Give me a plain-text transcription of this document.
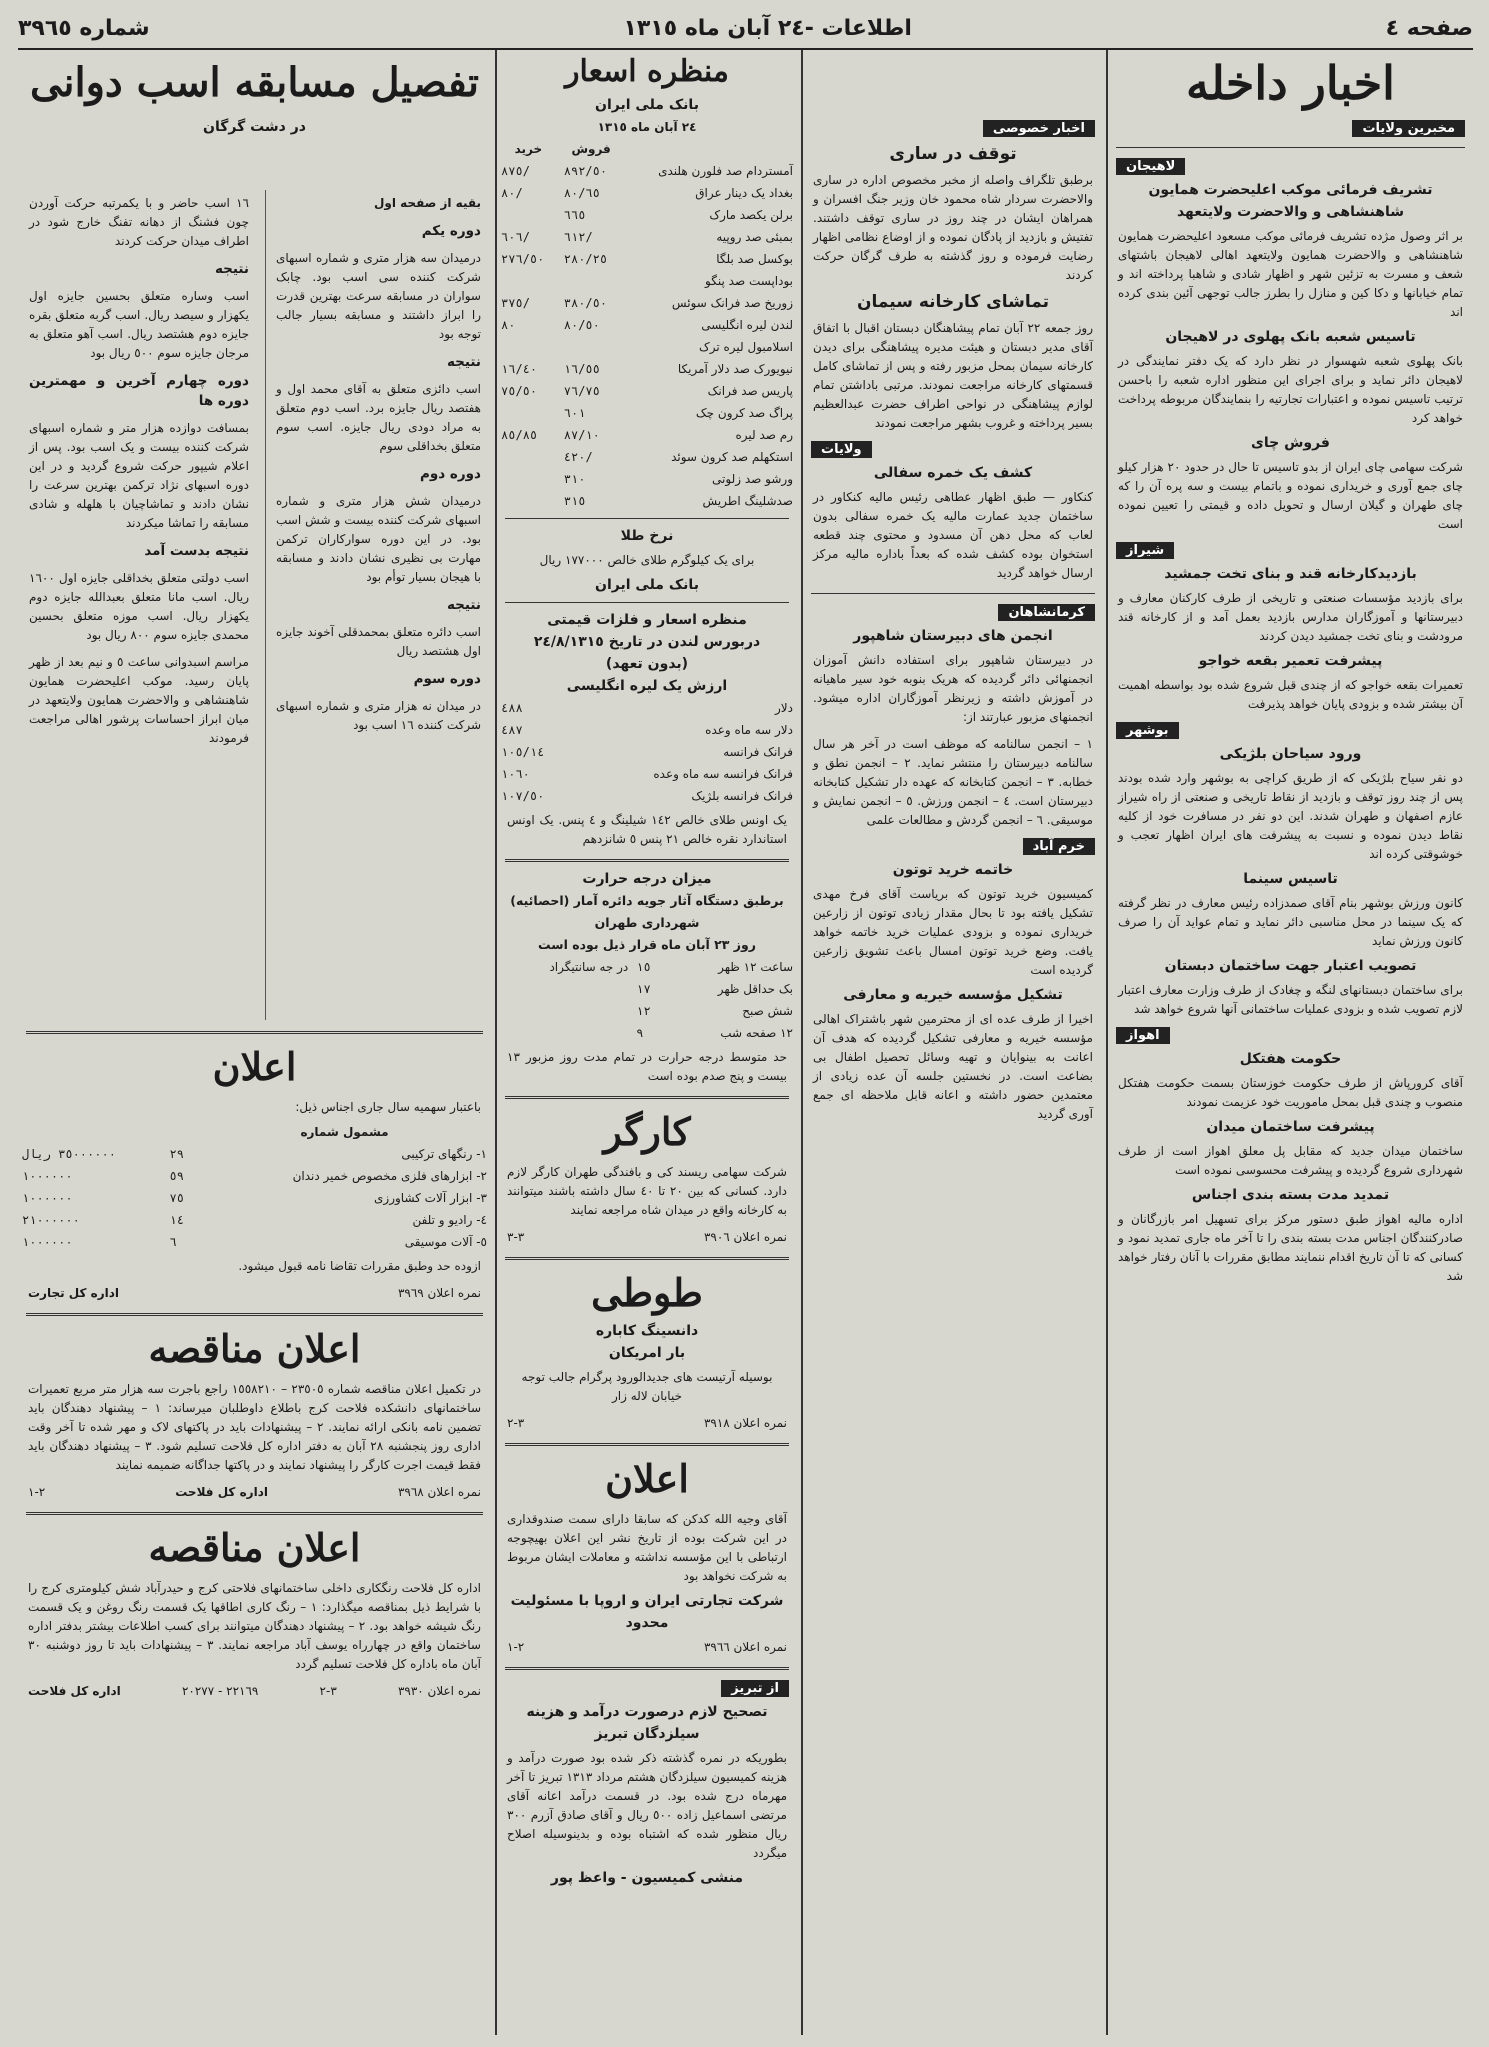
صفحه ٤
اطلاعات -٢٤ آبان ماه ١٣١٥
شماره ٣٩٦٥
اخبار داخله
مخبرین ولایات
لاهیجان
تشریف فرمائی موکب اعلیحضرت همایون شاهنشاهی و والاحضرت ولایتعهد
بر اثر وصول مژده تشریف فرمائی موکب مسعود اعلیحضرت همایون شاهنشاهی و والاحضرت همایون ولایتعهد اهالی لاهیجان باشتهای شعف و مسرت به تزئین شهر و اظهار شادی و شاهبا پرداخته اند و تمام خیابانها و دکا کین و منازل را بطرز جالب توجهی آئین بندی کرده اند
تاسیس شعبه بانک پهلوی در لاهیجان
بانک پهلوی شعبه شهسوار در نظر دارد که یک دفتر نمایندگی در لاهیجان دائر نماید و برای اجرای این منظور اداره شعبه را باحسن ترتیب تاسیس نموده و اعتبارات تجارتیه را بنمایندگان مربوطه پرداخت خواهد کرد
فروش چای
شرکت سهامی چای ایران از بدو تاسیس تا حال در حدود ٢٠ هزار کیلو چای جمع آوری و خریداری نموده و باتمام بیست و سه پره آن را که چای طهران و گیلان ارسال و تحویل داده و قیمتی را تعیین نموده است
شیراز
بازدیدکارخانه قند و بنای تخت جمشید
برای بازدید مؤسسات صنعتی و تاریخی از طرف کارکنان معارف و دبیرستانها و آموزگاران مدارس بازدید بعمل آمد و از کارخانه قند مرودشت و بنای تخت جمشید دیدن کردند
پیشرفت تعمیر بقعه خواجو
تعمیرات بقعه خواجو که از چندی قبل شروع شده بود بواسطه اهمیت آن بیشتر شده و بزودی پایان خواهد پذیرفت
بوشهر
ورود سیاحان بلژیکی
دو نفر سیاح بلژیکی که از طریق کراچی به بوشهر وارد شده بودند پس از چند روز توقف و بازدید از نقاط تاریخی و صنعتی از راه شیراز عازم اصفهان و طهران شدند. این دو نفر در مسافرت خود از کلیه نقاط دیدن نموده و نسبت به پیشرفت های ایران اظهار تعجب و خوشوقتی کرده اند
تاسیس سینما
کانون ورزش بوشهر بنام آقای صمدزاده رئیس معارف در نظر گرفته که یک سینما در محل مناسبی دائر نماید و تمام عواید آن را صرف کانون ورزش نماید
تصویب اعتبار جهت ساختمان دبستان
برای ساختمان دبستانهای لنگه و چغادک از طرف وزارت معارف اعتبار لازم تصویب شده و بزودی عملیات ساختمانی آنها شروع خواهد شد
اهواز
حکومت هفتکل
آقای کرورپاش از طرف حکومت خوزستان بسمت حکومت هفتکل منصوب و چندی قبل بمحل ماموریت خود عزیمت نمودند
پیشرفت ساختمان میدان
ساختمان میدان جدید که مقابل پل معلق اهواز است از طرف شهرداری شروع گردیده و پیشرفت محسوسی نموده است
تمدید مدت بسته بندی اجناس
اداره مالیه اهواز طبق دستور مرکز برای تسهیل امر بازرگانان و صادرکنندگان اجناس مدت بسته بندی را تا آخر ماه جاری تمدید نمود و کسانی که تا آن تاریخ اقدام ننمایند مطابق مقررات با آنان رفتار خواهد شد
اخبار خصوصی
توقف در ساری
برطبق تلگراف واصله از مخبر مخصوص اداره در ساری والاحضرت سردار شاه محمود خان وزیر جنگ افسران و همراهان ایشان در چند روز در ساری توقف داشتند. تفتیش و بازدید از پادگان نموده و از اوضاع نظامی اظهار رضایت فرموده و روز گذشته به طرف گرگان حرکت کردند
تماشای کارخانه سیمان
روز جمعه ٢٢ آبان تمام پیشاهنگان دبستان اقبال با اتفاق آقای مدیر دبستان و هیئت مدیره پیشاهنگی برای دیدن کارخانه سیمان بمحل مزبور رفته و پس از تماشای کامل قسمتهای کارخانه مراجعت نمودند. مرتبی باداشتن تمام لوازم پیشاهنگی در نواحی اطراف حضرت عبدالعظیم بسیر پرداخته و غروب بشهر مراجعت نمودند
ولایات
کشف یک خمره سفالی
کنکاور — طبق اظهار عطاهی رئیس مالیه کنکاور در ساختمان جدید عمارت مالیه یک خمره سفالی بدون لعاب که محل دهن آن مسدود و محتوی چند قطعه استخوان بوده کشف شده که بعداً باداره مالیه مرکز ارسال خواهد گردید
کرمانشاهان
انجمن های دبیرستان شاهپور
در دبیرستان شاهپور برای استفاده دانش آموزان انجمنهائی دائر گردیده که هریک بنوبه خود سیر ماهیانه در آموزش داشته و زیرنظر آموزگاران اداره میشود. انجمنهای مزبور عبارتند از:
١ – انجمن سالنامه که موظف است در آخر هر سال سالنامه دبیرستان را منتشر نماید. ٢ – انجمن نطق و خطابه. ٣ – انجمن کتابخانه که عهده دار تشکیل کتابخانه دبیرستان است. ٤ – انجمن ورزش. ٥ – انجمن نمایش و موسیقی. ٦ – انجمن گردش و مطالعات علمی
خرم آباد
خاتمه خرید توتون
کمیسیون خرید توتون که بریاست آقای فرخ مهدی تشکیل یافته بود تا بحال مقدار زیادی توتون از زارعین خریداری نموده و بزودی عملیات خرید خاتمه خواهد یافت. وضع خرید توتون امسال باعث تشویق زارعین گردیده است
تشکیل مؤسسه خیریه و معارفی
اخیرا از طرف عده ای از محترمین شهر باشتراک اهالی مؤسسه خیریه و معارفی تشکیل گردیده که هدف آن اعانت به بینوایان و تهیه وسائل تحصیل اطفال بی بضاعت است. در نخستین جلسه آن عده زیادی از معتمدین حضور داشته و اعانه قابل ملاحظه ای جمع آوری گردید
منظره اسعار
بانک ملی ایران
٢٤ آبان ماه ١٣١٥
	فروش	خرید
آمستردام صد فلورن هلندی	٨٩٢/٥٠	٨٧٥/
بغداد یک دینار عراق	٨٠/٦٥	٨٠/
برلن یکصد مارک	٦٦٥	
بمبئی صد روپیه	٦١٢/	٦٠٦/
بوکسل صد بلگا	٢٨٠/٢٥	٢٧٦/٥٠
بوداپست صد پنگو		
زوریخ صد فرانک سوئس	٣٨٠/٥٠	٣٧٥/
لندن لیره انگلیسی	٨٠/٥٠	٨٠
اسلامبول لیره ترک		
نیویورک صد دلار آمریکا	١٦/٥٥	١٦/٤٠
پاریس صد فرانک	٧٦/٧٥	٧٥/٥٠
پراگ صد کرون چک	٦٠١	
رم صد لیره	٨٧/١٠	٨٥/٨٥
استکهلم صد کرون سوئد	٤٢٠/	
ورشو صد زلوتی	٣١٠	
صدشلینگ اطریش	٣١٥	
نرخ طلا
برای یک کیلوگرم طلای خالص ١٧٧٠٠٠ ریال
بانک ملی ایران
منظره اسعار و فلزات قیمتی
دربورس لندن در تاریخ ٢٤/٨/١٣١٥
(بدون تعهد)
ارزش یک لیره انگلیسی
دلار	٤٨٨
دلار سه ماه وعده	٤٨٧
فرانک فرانسه	١٠٥/١٤
فرانک فرانسه سه ماه وعده	١٠٦٠
فرانک فرانسه بلژیک	١٠٧/٥٠
یک اونس طلای خالص ١٤٢ شیلینگ و ٤ پنس. یک اونس استاندارد نقره خالص ٢١ پنس ٥ شانزدهم
میزان درجه حرارت
برطبق دستگاه آثار جویه دائره آمار (احصائیه) شهرداری طهران
روز ٢٣ آبان ماه قرار ذیل بوده است
ساعت ١٢ ظهر	١٥	در جه سانتیگراد
بک حداقل ظهر	١٧	
شش صبح	١٢	
١٢ صفحه شب	٩	
حد متوسط درجه حرارت در تمام مدت روز مزبور ١٣ بیست و پنج صدم بوده است
کارگر
شرکت سهامی ریسند کی و بافندگی طهران کارگر لازم دارد. کسانی که بین ٢٠ تا ٤٠ سال داشته باشند میتوانند به کارخانه واقع در میدان شاه مراجعه نمایند
نمره اعلان ٣٩٠٦
٣-٣
طوطی
دانسینگ کاباره
بار امریکان
بوسیله آرتیست های جدیدالورود پرگرام جالب توجه خیابان لاله زار
نمره اعلان ٣٩١٨
٣-٢
اعلان
آقای وجیه الله کدکن که سابقا دارای سمت صندوقداری در این شرکت بوده از تاریخ نشر این اعلان بهیچوجه ارتباطی با این مؤسسه نداشته و معاملات ایشان مربوط به شرکت نخواهد بود
شرکت تجارتی ایران و اروپا با مسئولیت محدود
نمره اعلان ٣٩٦٦
٢-١
از تبریز
تصحیح لازم درصورت درآمد و هزینه سیلزدگان تبریز
بطوریکه در نمره گذشته ذکر شده بود صورت درآمد و هزینه کمیسیون سیلزدگان هشتم مرداد ١٣١٣ تبریز تا آخر مهرماه درج شده بود. در قسمت درآمد اعانه آقای مرتضی اسماعیل زاده ٥٠٠ ریال و آقای صادق آزرم ٣٠٠ ریال منظور شده که اشتباه بوده و بدینوسیله اصلاح میگردد
منشی کمیسیون - واعظ پور
تفصیل مسابقه اسب دوانی
در دشت گرگان
بقیه از صفحه اول
دوره یکم
درمیدان سه هزار متری و شماره اسبهای شرکت کننده سی اسب بود. چابک سواران در مسابقه سرعت بهترین قدرت را ابراز داشتند و مسابقه بسیار جالب توجه بود
نتیجه
اسب دائزی متعلق به آقای محمد اول و هفتصد ریال جایزه برد. اسب دوم متعلق به مراد دودی ریال جایزه. اسب سوم متعلق بخداقلی سوم
دوره دوم
درمیدان شش هزار متری و شماره اسبهای شرکت کننده بیست و شش اسب بود. در این دوره سوارکاران ترکمن مهارت بی نظیری نشان دادند و مسابقه با هیجان بسیار توأم بود
نتیجه
اسب دائره متعلق بمحمدقلی آخوند جایزه اول هشتصد ریال
دوره سوم
در میدان نه هزار متری و شماره اسبهای شرکت کننده ١٦ اسب بود
١٦ اسب حاضر و با یکمرتبه حرکت آوردن چون فشنگ از دهانه تفنگ خارج شود در اطراف میدان حرکت کردند
نتیجه
اسب وساره متعلق بحسین جایزه اول یکهزار و سیصد ریال. اسب گربه متعلق بقره جایزه دوم هشتصد ریال. اسب آهو متعلق به مرجان جایزه سوم ٥٠٠ ریال بود
دوره چهارم آخرین و مهمترین دوره ها
بمسافت دوازده هزار متر و شماره اسبهای شرکت کننده بیست و یک اسب بود. پس از اعلام شیپور حرکت شروع گردید و در این دوره اسبهای نژاد ترکمن بهترین سرعت را نشان دادند و تماشاچیان با هلهله و شادی مسابقه را تماشا میکردند
نتیجه بدست آمد
اسب دولتی متعلق بخداقلی جایزه اول ١٦٠٠ ریال. اسب مانا متعلق بعبدالله جایزه دوم یکهزار ریال. اسب موزه متعلق بحسین محمدی جایزه سوم ٨٠٠ ریال بود
مراسم اسبدوانی ساعت ٥ و نیم بعد از ظهر پایان رسید. موکب اعلیحضرت همایون شاهنشاهی و والاحضرت همایون ولایتعهد در میان ابراز احساسات پرشور اهالی مراجعت فرمودند
اعلان
باعتبار سهمیه سال جاری اجناس ذیل:
مشمول شماره		
١- رنگهای ترکیبی	٢٩	٣٥٠٠٠٠٠٠ ریال
٢- ابزارهای فلزی مخصوص خمیر دندان	٥٩	١٠٠٠٠٠٠
٣- ابزار آلات کشاورزی	٧٥	١٠٠٠٠٠٠
٤- رادیو و تلفن	١٤	٢١٠٠٠٠٠٠
٥- آلات موسیقی	٦	١٠٠٠٠٠٠
ازوده حد وطبق مقررات تقاضا نامه قبول میشود.
نمره اعلان ٣٩٦٩
اداره کل تجارت
اعلان مناقصه
در تکمیل اعلان مناقصه شماره ٢٣٥٠٥ – ١٥٥٨٢١٠ راجع باجرت سه هزار متر مربع تعمیرات ساختمانهای دانشکده فلاحت کرج باطلاع داوطلبان میرساند: ١ – پیشنهاد دهندگان باید تضمین نامه بانکی ارائه نمایند. ٢ – پیشنهادات باید در پاکتهای لاک و مهر شده تا آخر وقت اداری روز پنجشنبه ٢٨ آبان به دفتر اداره کل فلاحت تسلیم شود. ٣ – پیشنهاد دهندگان باید فقط قیمت اجرت کارگر را پیشنهاد نمایند و در پاکتها جداگانه ضمیمه نمایند
نمره اعلان ٣٩٦٨
اداره کل فلاحت
٢-١
اعلان مناقصه
اداره کل فلاحت رنگکاری داخلی ساختمانهای فلاحتی کرج و حیدرآباد شش کیلومتری کرج را با شرایط ذیل بمناقصه میگذارد: ١ – رنگ کاری اطاقها یک قسمت رنگ روغن و یک قسمت رنگ شیشه خواهد بود. ٢ – پیشنهاد دهندگان میتوانند برای کسب اطلاعات بیشتر بدفتر اداره ساختمان واقع در چهارراه یوسف آباد مراجعه نمایند. ٣ – پیشنهادات باید تا روز دوشنبه ٣٠ آبان ماه باداره کل فلاحت تسلیم گردد
نمره اعلان ٣٩٣٠
٣-٢
٢٢١٦٩ - ٢٠٢٧٧
اداره کل فلاحت
